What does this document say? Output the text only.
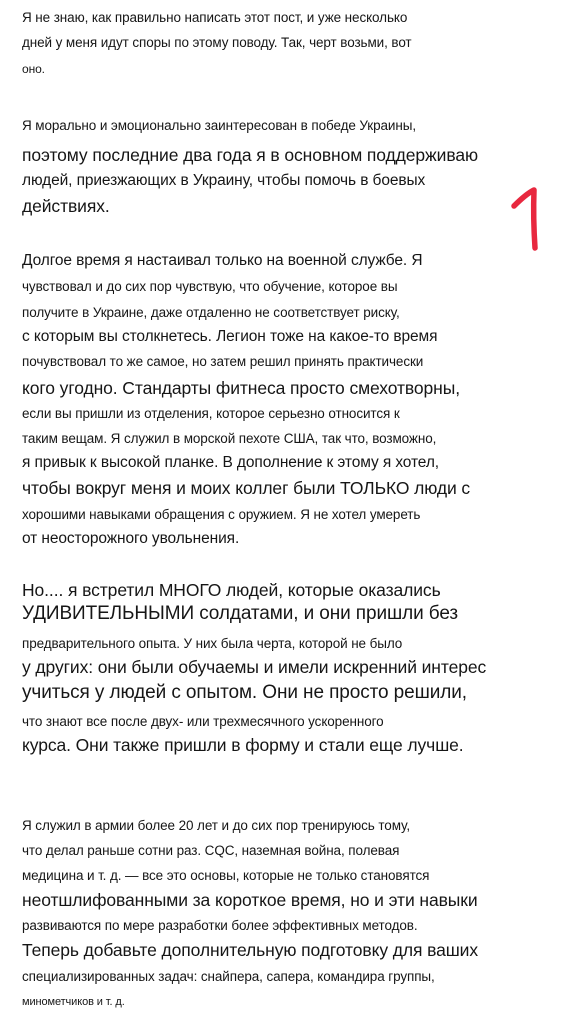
Я не знаю, как правильно написать этот пост, и уже несколько
дней у меня идут споры по этому поводу. Так, черт возьми, вот
оно.
Я морально и эмоционально заинтересован в победе Украины,
поэтому последние два года я в основном поддерживаю
людей, приезжающих в Украину, чтобы помочь в боевых
действиях.
Долгое время я настаивал только на военной службе. Я
чувствовал и до сих пор чувствую, что обучение, которое вы
получите в Украине, даже отдаленно не соответствует риску,
с которым вы столкнетесь. Легион тоже на какое-то время
почувствовал то же самое, но затем решил принять практически
кого угодно. Стандарты фитнеса просто смехотворны,
если вы пришли из отделения, которое серьезно относится к
таким вещам. Я служил в морской пехоте США, так что, возможно,
я привык к высокой планке. В дополнение к этому я хотел,
чтобы вокруг меня и моих коллег были ТОЛЬКО люди с
хорошими навыками обращения с оружием. Я не хотел умереть
от неосторожного увольнения.
Но.... я встретил МНОГО людей, которые оказались
УДИВИТЕЛЬНЫМИ солдатами, и они пришли без
предварительного опыта. У них была черта, которой не было
у других: они были обучаемы и имели искренний интерес
учиться у людей с опытом. Они не просто решили,
что знают все после двух- или трехмесячного ускоренного
курса. Они также пришли в форму и стали еще лучше.
Я служил в армии более 20 лет и до сих пор тренируюсь тому,
что делал раньше сотни раз. CQC, наземная война, полевая
медицина и т. д. — все это основы, которые не только становятся
неотшлифованными за короткое время, но и эти навыки
развиваются по мере разработки более эффективных методов.
Теперь добавьте дополнительную подготовку для ваших
специализированных задач: снайпера, сапера, командира группы,
минометчиков и т. д.
